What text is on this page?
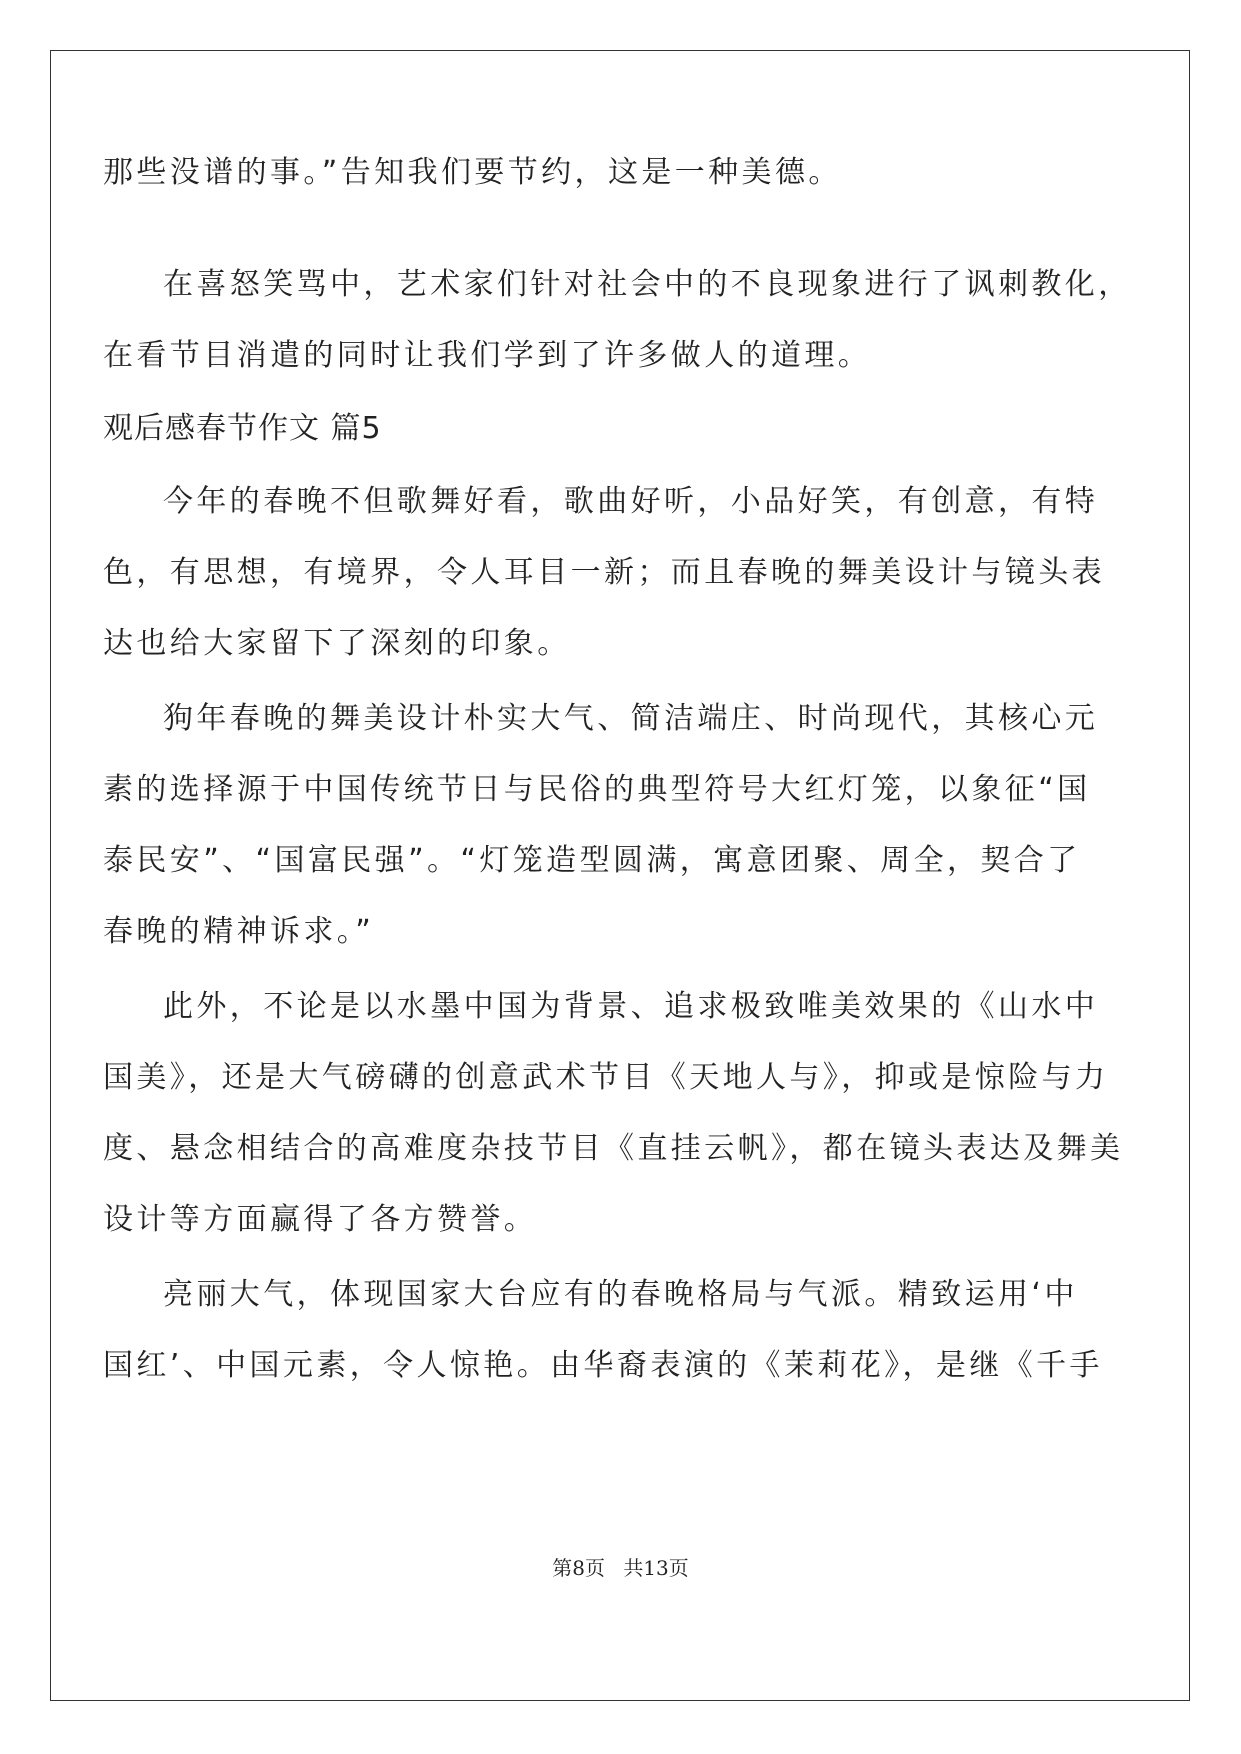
那些没谱的事。”告知我们要节约，这是一种美德。
在喜怒笑骂中，艺术家们针对社会中的不良现象进行了讽刺教化，
在看节目消遣的同时让我们学到了许多做人的道理。
观后感春节作文 篇5
今年的春晚不但歌舞好看，歌曲好听，小品好笑，有创意，有特
色，有思想，有境界，令人耳目一新；而且春晚的舞美设计与镜头表
达也给大家留下了深刻的印象。
狗年春晚的舞美设计朴实大气、简洁端庄、时尚现代，其核心元
素的选择源于中国传统节日与民俗的典型符号大红灯笼，以象征“国
泰民安”、“国富民强”。“灯笼造型圆满，寓意团聚、周全，契合了
春晚的精神诉求。”
此外，不论是以水墨中国为背景、追求极致唯美效果的《山水中
国美》，还是大气磅礴的创意武术节目《天地人与》，抑或是惊险与力
度、悬念相结合的高难度杂技节目《直挂云帆》，都在镜头表达及舞美
设计等方面赢得了各方赞誉。
亮丽大气，体现国家大台应有的春晚格局与气派。精致运用‘中
国红’、中国元素，令人惊艳。由华裔表演的《茉莉花》，是继《千手
第8页 共13页
